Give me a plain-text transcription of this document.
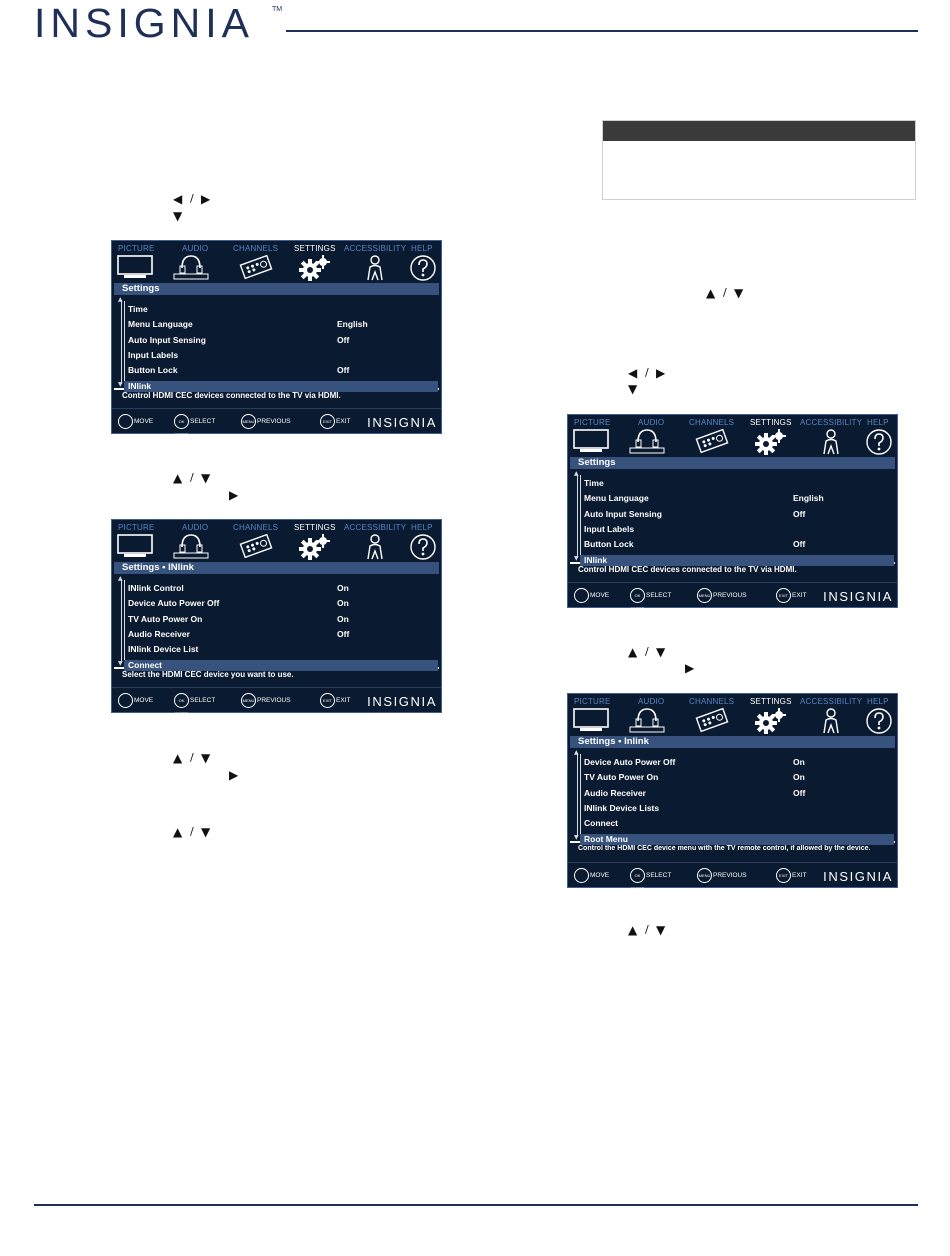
INSIGNIA	TM
◀ / ▶
▼
▲ / ▼
▶
▲ / ▼
▶
▲ / ▼
▲ / ▼
◀ / ▶
▼
▲ / ▼
▶
▲ / ▼
PICTURE	AUDIO	CHANNELS SETTINGS ACCESSIBILITY HELP
Settings
▲
▼
Time
Menu Language	English
Auto Input Sensing	Off
Input Labels
Button Lock	Off
INlink
Control HDMI CEC devices connected to the TV via HDMI.
MOVE	OK ENTERSELECT	MENU PREVIOUS	EXIT EXIT INSIGNIA
PICTURE	AUDIO	CHANNELS SETTINGS ACCESSIBILITY HELP
Settings • INlink
▲
▼
INlink Control	On
Device Auto Power Off	On
TV Auto Power On	On
Audio Receiver	Off
INlink Device List
Connect
Select the HDMI CEC device you want to use.
MOVE	OK ENTERSELECT	MENU PREVIOUS	EXIT EXIT INSIGNIA
PICTURE	AUDIO	CHANNELS SETTINGS ACCESSIBILITY HELP
Settings
▲
▼
Time
Menu Language	English
Auto Input Sensing	Off
Input Labels
Button Lock	Off
INlink
Control HDMI CEC devices connected to the TV via HDMI.
MOVE	OK ENTERSELECT	MENU PREVIOUS	EXIT EXIT INSIGNIA
PICTURE	AUDIO	CHANNELS SETTINGS ACCESSIBILITY HELP
Settings • Inlink
▲
▼
Device Auto Power Off	On
TV Auto Power On	On
Audio Receiver	Off
INlink Device Lists
Connect
Root Menu
Control the HDMI CEC device menu with the TV remote control, if allowed by the device.
MOVE	OK ENTERSELECT	MENU PREVIOUS	EXIT EXIT INSIGNIA
